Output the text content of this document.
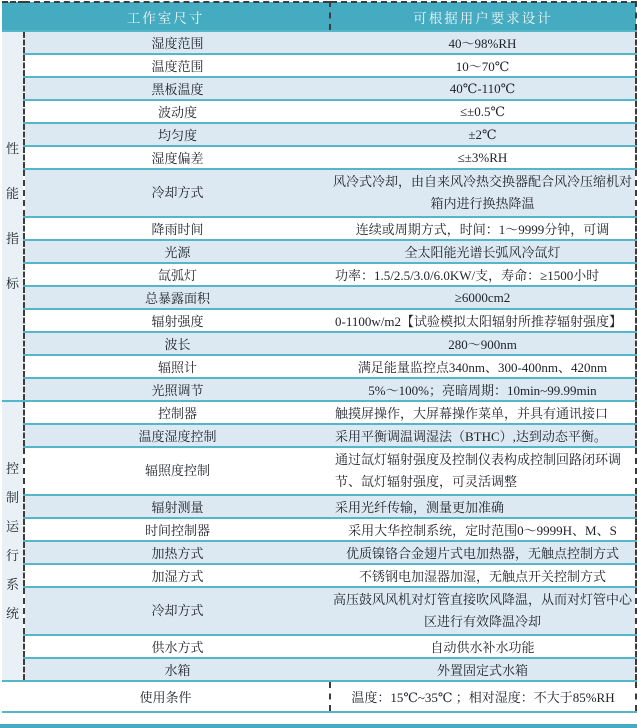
工作室尺寸		可根据用户要求设计

性
能
指
标	湿度范围	40～98%RH
	温度范围	10～70℃
	黑板温度	40℃-110℃
	波动度	≤±0.5℃
	均匀度	±2℃
	湿度偏差	≤±3%RH
	冷却方式	风冷式冷却，由自来风冷热交换器配合风冷压缩机对箱内进行换热降温
	降雨时间	连续或周期方式，时间：1～9999分钟，可调
	光源	全太阳能光谱长弧风冷氙灯
	氙弧灯	功率：1.5/2.5/3.0/6.0KW/支，寿命：≥1500小时
	总暴露面积	≥6000cm2
	辐射强度	0-1100w/m2【试验模拟太阳辐射所推荐辐射强度】
	波长	280～900nm
	辐照计	满足能量监控点340nm、300-400nm、420nm
	光照调节	5%～100%；亮暗周期：10min~99.99min

控
制
运
行
系
统
	控制器	触摸屏操作，大屏幕操作菜单，并具有通讯接口
	温度湿度控制	采用平衡调温调湿法（BTHC）,达到动态平衡。
	辐照度控制	通过氙灯辐射强度及控制仪表构成控制回路闭环调节、氙灯辐射强度，可灵活调整
	辐射测量	采用光纤传输，测量更加准确
	时间控制器	采用大华控制系统，定时范围0～9999H、M、S
	加热方式	优质镍铬合金翅片式电加热器，无触点控制方式
	加湿方式	不锈钢电加湿器加湿，无触点开关控制方式
	冷却方式	高压鼓风风机对灯管直接吹风降温，从而对灯管中心区进行有效降温冷却
	供水方式	自动供水补水功能
	水箱	外置固定式水箱
使用条件		温度：15℃~35℃ ；相对湿度：不大于85%RH
